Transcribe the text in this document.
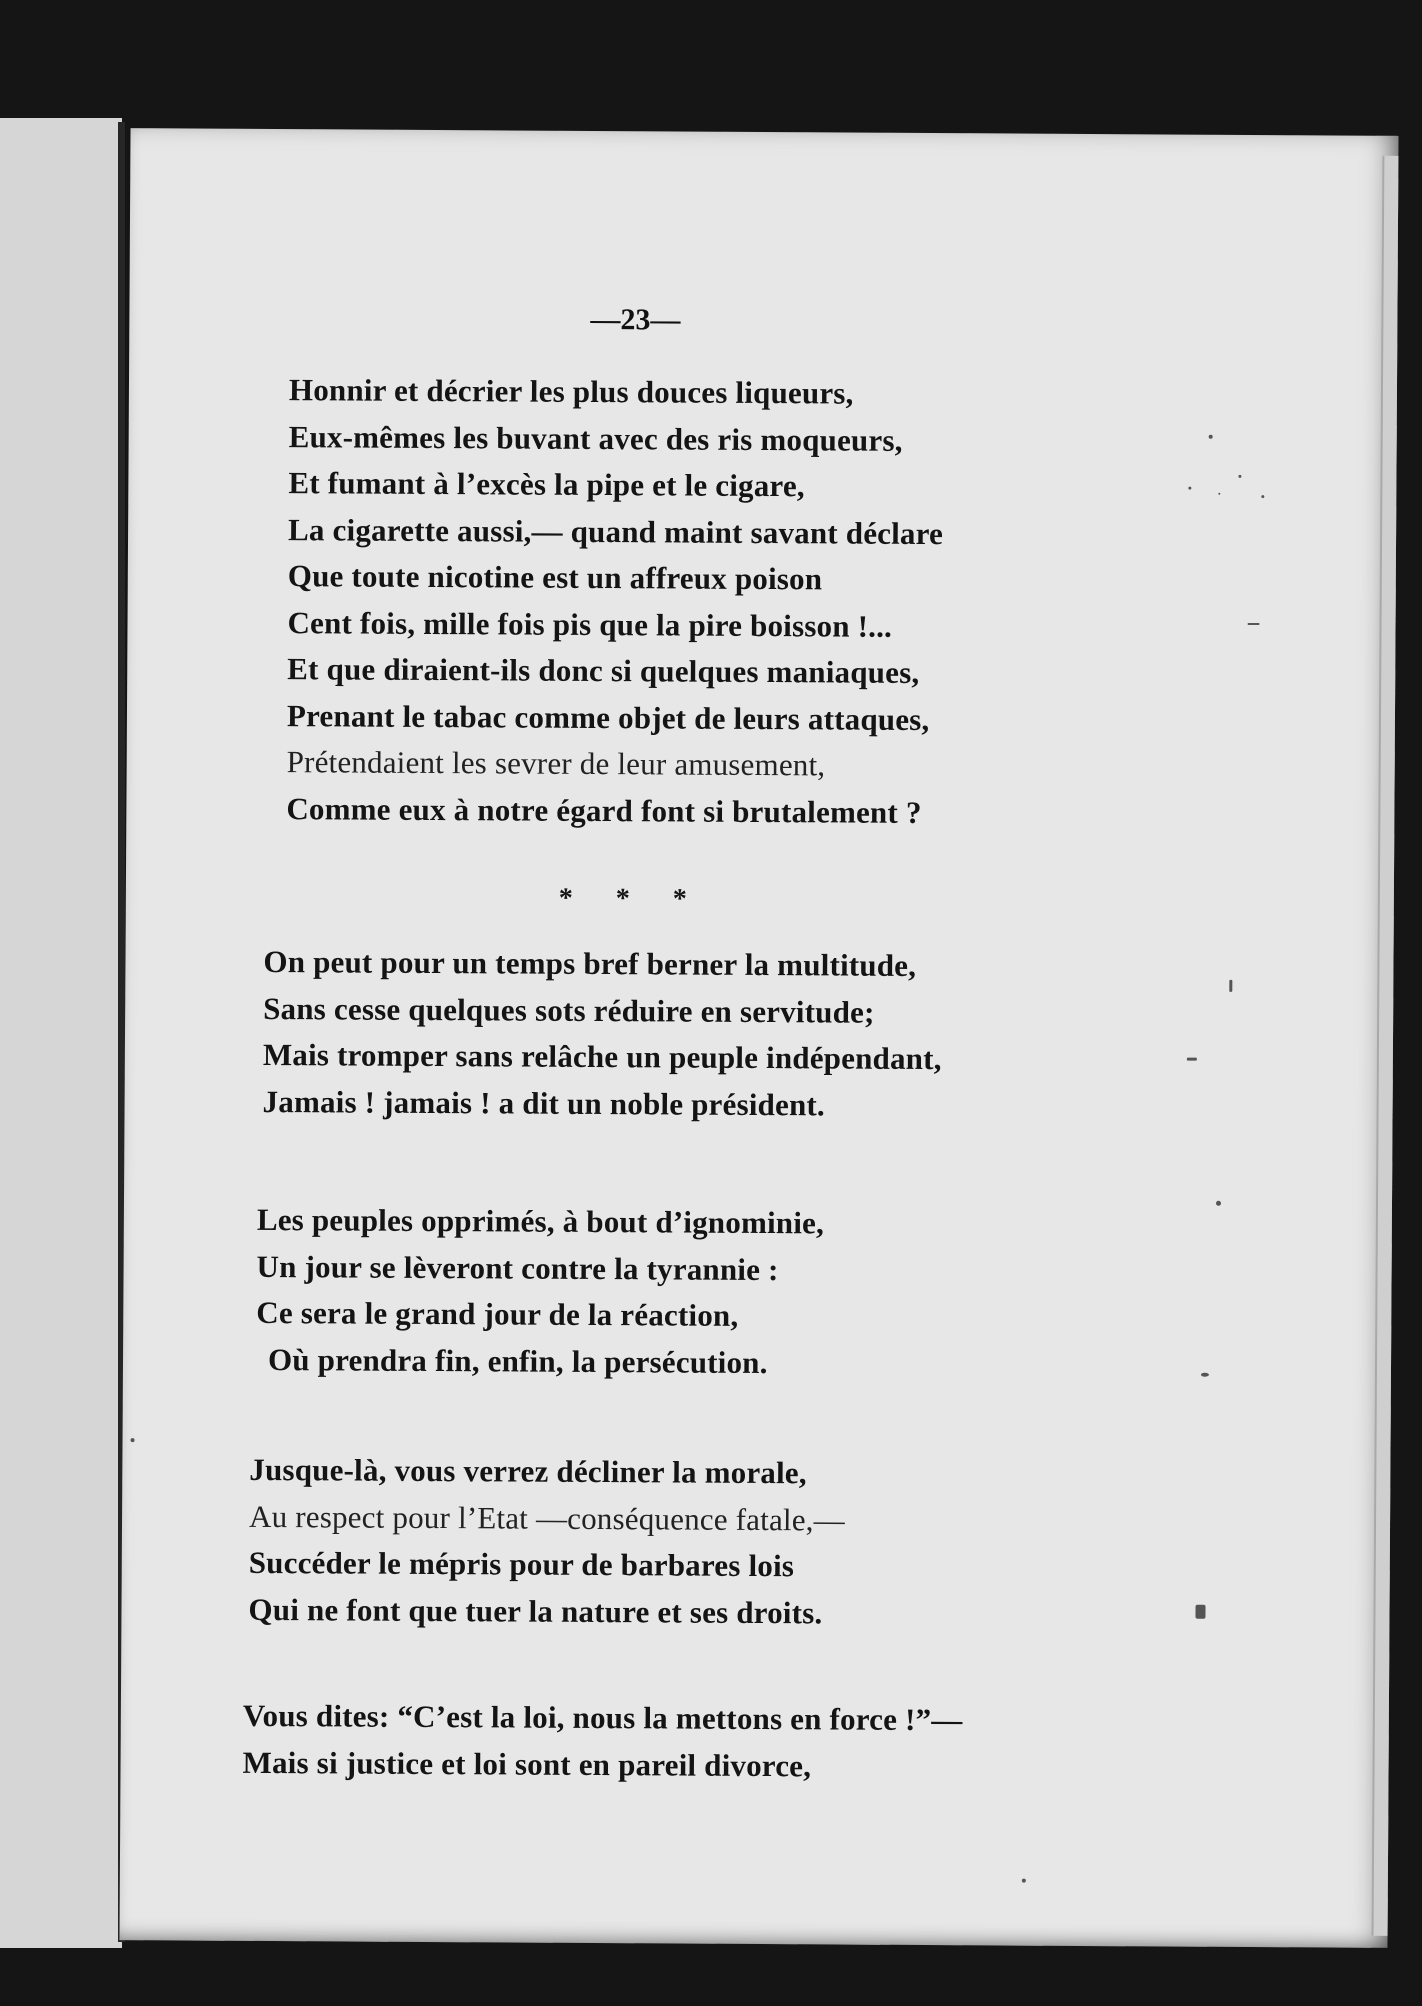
—23—
Honnir et décrier les plus douces liqueurs,
Eux-mêmes les buvant avec des ris moqueurs,
Et fumant à l’excès la pipe et le cigare,
La cigarette aussi,— quand maint savant déclare
Que toute nicotine est un affreux poison
Cent fois, mille fois pis que la pire boisson !...
Et que diraient-ils donc si quelques maniaques,
Prenant le tabac comme objet de leurs attaques,
Prétendaient les sevrer de leur amusement,
Comme eux à notre égard font si brutalement ?
* * *
On peut pour un temps bref berner la multitude,
Sans cesse quelques sots réduire en servitude;
Mais tromper sans relâche un peuple indépendant,
Jamais ! jamais ! a dit un noble président.
Les peuples opprimés, à bout d’ignominie,
Un jour se lèveront contre la tyrannie :
Ce sera le grand jour de la réaction,
Où prendra fin, enfin, la persécution.
Jusque-là, vous verrez décliner la morale,
Au respect pour l’Etat —conséquence fatale,—
Succéder le mépris pour de barbares lois
Qui ne font que tuer la nature et ses droits.
Vous dites: “C’est la loi, nous la mettons en force !”—
Mais si justice et loi sont en pareil divorce,
